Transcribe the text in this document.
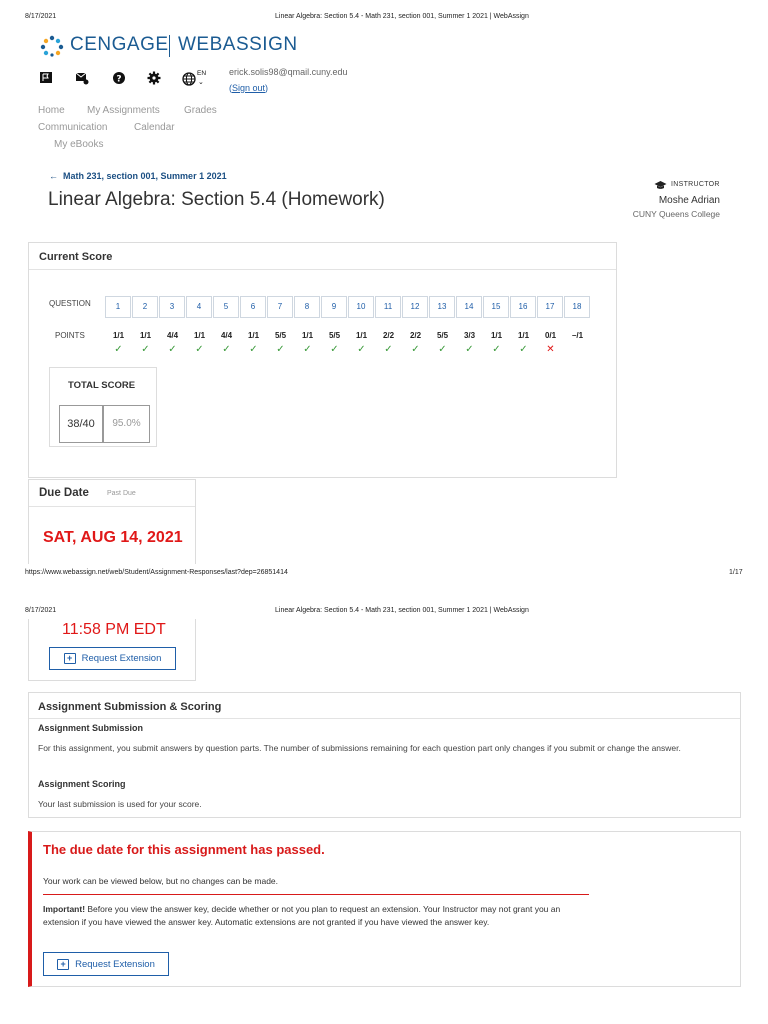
8/17/2021	Linear Algebra: Section 5.4 - Math 231, section 001, Summer 1 2021 | WebAssign
CENGAGE WEBASSIGN
?
EN
⌄
erick.solis98@qmail.cuny.edu
(Sign out)
Home My Assignments Grades
Communication	Calendar
My eBooks
← Math 231, section 001, Summer 1 2021
Linear Algebra: Section 5.4 (Homework)
INSTRUCTOR
Moshe Adrian
CUNY Queens College
Current Score
QUESTION
POINTS
1	2	3	4	5	6	7	8	9	10	11	12	13	14	15	16	17	18
1/1	1/1	4/4	1/1	4/4	1/1	5/5	1/1	5/5	1/1	2/2	2/2	5/5	3/3	1/1	1/1	0/1	–/1
✓	✓	✓	✓	✓	✓	✓	✓	✓	✓	✓	✓	✓	✓	✓	✓	✕
TOTAL SCORE
38/40	95.0%
Due Date	Past Due
SAT, AUG 14, 2021
https://www.webassign.net/web/Student/Assignment-Responses/last?dep=26851414	1/17
8/17/2021	Linear Algebra: Section 5.4 - Math 231, section 001, Summer 1 2021 | WebAssign
11:58 PM EDT
+ Request Extension
Assignment Submission & Scoring
Assignment Submission
For this assignment, you submit answers by question parts. The number of submissions remaining for each question part only changes if you submit or change the answer.
Assignment Scoring
Your last submission is used for your score.
The due date for this assignment has passed.
Your work can be viewed below, but no changes can be made.
Important! Before you view the answer key, decide whether or not you plan to request an extension. Your Instructor may not grant you an extension if you have viewed the answer key. Automatic extensions are not granted if you have viewed the answer key.
+ Request Extension
